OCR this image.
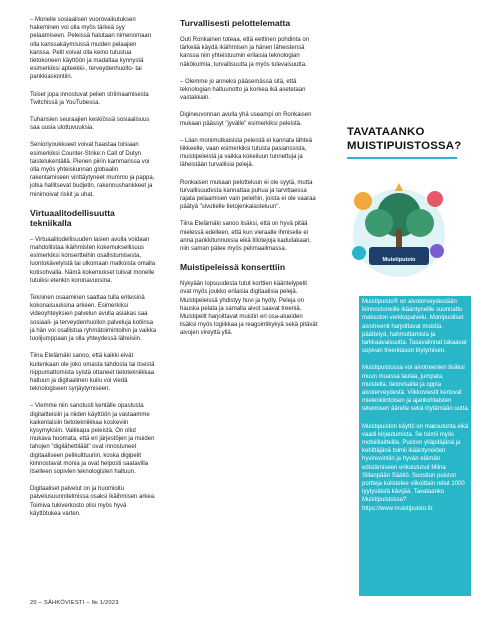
– Monelle sosiaalisen vuorovaikutuksen hakeminen voi olla myös tärkeä syy pelaamiseen. Peleissä halutaan nimenomaan olla kanssakäymisissä muiden pelaajien kanssa. Pelit voivat olla keino tutustua tietokoneen käyttöön ja madaltaa kynnystä esimerkiksi apteekki-, terveydenhuolto- tai pankkiasiointiin.

Toiset jopa innostuvat pelien striimaamisesta Twitchissä ja YouTubessa.

Tuhansien seuraajien keskiössä sosiaalisuus saa uusia ulottuvuuksia.

Senioriyoukkueet voivat haastaa toisiaan esimerkiksi Counter-Strike:n Call of Dutyn taistelukentällä. Pienen piirin kammarissa voi olla myös yhteiskunnan globaalin rakentamiseen vinttäytyneet mummo ja pappa, jotka hallitsevat budjetin, rakennushankkeet ja minimoivat riskit ja uhat.

Virtuaalitodellisuutta tekniikalla

– Virtuaalitodellisuuden lasien avulla voidaan mahdollistaa ikäihmisten kokemuksellisuus esimerkiksi konsertteihin osallistumisesta, luontokävelyistä tai ulkomaan matkoista omalla kotisohvalla. Nämä kokemukset tulivat monelle tutuiksi etenkin koronavuosina.

Tekninen osaaminen saattaa tulla eriteisinä kokonaisuuksina arkeen. Esimerkiksi videoyhteyksien palvelun avulla asiakas saa sosiaali- ja terveydenhuollon palveluja kotiinsa ja hän voi osallistua ryhmätoimintoihin ja vaikka tuolijumppaan ja olla yhteydessä läheisiin.

Tiina Etelämäki sanoo, että kaikki eivät kuitenkaan ole joko omasta tahdosta tai itsestä riippumattomista syistä ottaneet tietotekniikkaa haltuun ja digitaalinen kuilu voi viedä teknologiseen syrjäytymiseen.

– Viemme niin sanotusti kentälle opastusta digilaitteisiin ja niiden käyttöön ja vastaamme kaikenlaisiin tietotekniikkaa koskeviin kysymyksiin. Vaikkapa peleistä. On ollut mukava huomata, että eri järjestöjen ja muiden tahojen "digilähettiläät" ovat innostuneet digitaaliseen pelikulttuuriin, koska digipelit kiinnostavat monia ja ovat helposti saatavilla itselleen sopivien teknologisten haltuun.

Digitaaliset palvelut on ja huomioitu palvelusuunnitelmissa osaksi ikäihmisen arkea. Toimiva tukiverkosto olisi myös hyvä käyttötukea varten.

Turvallisesti pelottelematta

Outi Ronkainen toteaa, että eettinen pohdinta on tärkeää käydä ikäihmisen ja hänen läheistensä kanssa niin yhteistuumin erilaisia teknologian näkökulmia, turvallisuutta ja myös tulevaisuutta.

– Olemme jo anneksi pääsemässä sitä, että teknologian haltuunotto ja korkea ikä asetetaan vastakkain.

Digineuvonnan avulla yhä useampi on Ronkaisen mukaan päässyt "jyvälle" esimerkiksi peleistä.

– Liian monimutkaisista peleistä ei kannata lähteä liikkeelle, vaan esimerkiksi tutusta pasianssista, muistipeleistä ja vaikka kokeiluun tunnettuja ja läheistään turvallisia pelejä.

Ronkaisen mukaan pelotteluun ei ole syytä, mutta turvallisuudesta kannattaa puhua ja tarvittaessa rajata pelaamisen vain peleihin, joista ei ole vaaraa päätyä "sivutielle tietojenkalasteluun".

Tiina Etelämäki sanoo lisäksi, että on hyvä pitää mielessä edelleen, että kun vieraalle ihmiselle ei anna pankkitunnuksia eikä tiliotejoja kaduilakaan, niin saman pätee myös pelimaailmassa.

Muistipeleissä konserttiin

Nykyään lopsuudesta tutut korttien kääntelypelit ovat myös joukko erilaisia digitaalisia pelejä. Muistipeleissä yhdistyy huvi ja hyöty. Peleja on hauska pelata ja samalla aivot saavat treeniä. Muistipelit harjoittavat muistin eri osa-alueiden lisäksi myös logiikkaa ja reagointikykyä sekä pitävät aivojen vireyttä yllä.

TAVATAANKO MUISTIPUISTOSSA?
Muistipuisto

Muistipuisto® on aivoterveydestään kiinnostuneille ikääntyneille suunnattu maksuton verkkopalvelu. Monipuoliset aivotreenit harjoittavat muistia, päättelyä, hahmottamista ja tarkkaavaisuutta. Tasavalinnat takaavat sopivan treenitason löytymisen.

Muistipuistossa voi aivotreenien lisäksi muun muassa laulaa, jumpata, muistella, tietovisailla ja oppia aivoterveydestä. Viikkoviestit kertovat mielenkiintoisen ja ajankohtaisten tekemisen äärelle sekä löytämään uutta.

Muistipuiston käyttö on maksutonta eikä vaadi kirjautumista. Se toimii myös mobiililaitteilla. Puiston ylläpitäjänä ja kehittäjänä toimii ikääntyneiden hyvinvointiin ja hyvän elämän edistämiseen erikoistunut Miina Sillanpään Säätiö. Suositun puiston portteja kolistelee viikoittain reilut 1000 tyytyväistä kävijää. Tavataanko Muistipuistossa? https://www.muistipuisto.fi/

20 – SÄHKÖVIESTI – № 1/2023
